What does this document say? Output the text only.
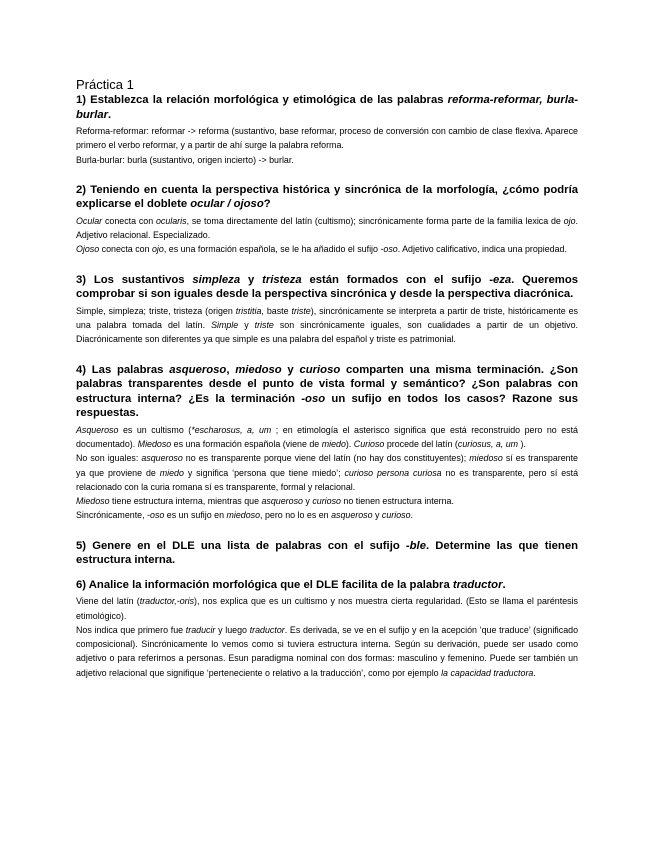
Práctica 1

1) Establezca la relación morfológica y etimológica de las palabras reforma-reformar, burla-burlar.

Reforma-reformar: reformar -> reforma (sustantivo, base reformar, proceso de conversión con cambio de clase flexiva. Aparece primero el verbo reformar, y a partir de ahí surge la palabra reforma.

Burla-burlar: burla (sustantivo, origen incierto) -> burlar.

2) Teniendo en cuenta la perspectiva histórica y sincrónica de la morfología, ¿cómo podría explicarse el doblete ocular / ojoso?

Ocular conecta con ocularis, se toma directamente del latín (cultismo); sincrónicamente forma parte de la familia lexica de ojo. Adjetivo relacional. Especializado.

Ojoso conecta con ojo, es una formación española, se le ha añadido el sufijo -oso. Adjetivo calificativo, indica una propiedad.

3) Los sustantivos simpleza y tristeza están formados con el sufijo -eza. Queremos comprobar si son iguales desde la perspectiva sincrónica y desde la perspectiva diacrónica.

Simple, simpleza; triste, tristeza (origen tristitia, baste triste), sincrónicamente se interpreta a partir de triste, históricamente es una palabra tomada del latín. Simple y triste son sincrónicamente iguales, son cualidades a partir de un objetivo. Diacrónicamente son diferentes ya que simple es una palabra del español y triste es patrimonial.

4) Las palabras asqueroso, miedoso y curioso comparten una misma terminación. ¿Son palabras transparentes desde el punto de vista formal y semántico? ¿Son palabras con estructura interna? ¿Es la terminación -oso un sufijo en todos los casos? Razone sus respuestas.

Asqueroso es un cultismo (*escharosus, a, um ; en etimología el asterisco significa que está reconstruido pero no está documentado). Miedoso es una formación española (viene de miedo). Curioso procede del latín (curiosus, a, um ).

No son iguales: asqueroso no es transparente porque viene del latín (no hay dos constituyentes); miedoso sí es transparente ya que proviene de miedo y significa ‘persona que tiene miedo’; curioso persona curiosa no es transparente, pero sí está relacionado con la curia romana sí es transparente, formal y relacional.

Miedoso tiene estructura interna, mientras que asqueroso y curioso no tienen estructura interna.

Sincrónicamente, -oso es un sufijo en miedoso, pero no lo es en asqueroso y curioso.

5) Genere en el DLE una lista de palabras con el sufijo -ble. Determine las que tienen estructura interna.

6) Analice la información morfológica que el DLE facilita de la palabra traductor.

Viene del latín (traductor,-oris), nos explica que es un cultismo y nos muestra cierta regularidad. (Esto se llama el paréntesis etimológico).

Nos indica que primero fue traducir y luego traductor. Es derivada, se ve en el sufijo y en la acepción ‘que traduce’ (significado composicional). Sincrónicamente lo vemos como si tuviera estructura interna. Según su derivación, puede ser usado como adjetivo o para referirnos a personas. Esun paradigma nominal con dos formas: masculino y femenino. Puede ser también un adjetivo relacional que signifique ‘perteneciente o relativo a la traducción’, como por ejemplo la capacidad traductora.
